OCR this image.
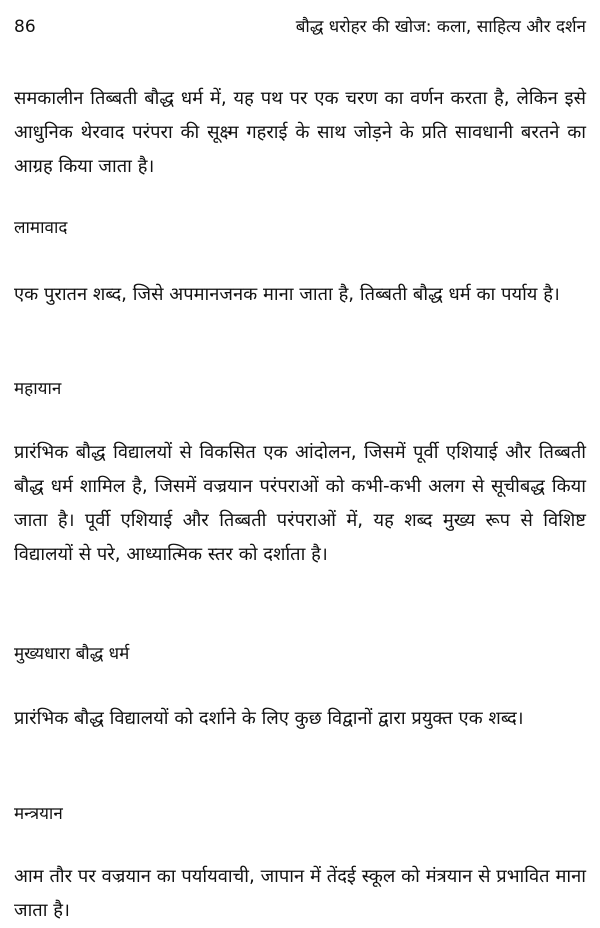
86	बौद्ध धरोहर की खोज: कला, साहित्य और दर्शन

समकालीन तिब्बती बौद्ध धर्म में, यह पथ पर एक चरण का वर्णन करता है, लेकिन इसे आधुनिक थेरवाद परंपरा की सूक्ष्म गहराई के साथ जोड़ने के प्रति सावधानी बरतने का आग्रह किया जाता है।

लामावाद

एक पुरातन शब्द, जिसे अपमानजनक माना जाता है, तिब्बती बौद्ध धर्म का पर्याय है।

महायान

प्रारंभिक बौद्ध विद्यालयों से विकसित एक आंदोलन, जिसमें पूर्वी एशियाई और तिब्बती बौद्ध धर्म शामिल है, जिसमें वज्रयान परंपराओं को कभी-कभी अलग से सूचीबद्ध किया जाता है। पूर्वी एशियाई और तिब्बती परंपराओं में, यह शब्द मुख्य रूप से विशिष्ट विद्यालयों से परे, आध्यात्मिक स्तर को दर्शाता है।

मुख्यधारा बौद्ध धर्म

प्रारंभिक बौद्ध विद्यालयों को दर्शाने के लिए कुछ विद्वानों द्वारा प्रयुक्त एक शब्द।

मन्त्रयान

आम तौर पर वज्रयान का पर्यायवाची, जापान में तेंदई स्कूल को मंत्रयान से प्रभावित माना जाता है।
